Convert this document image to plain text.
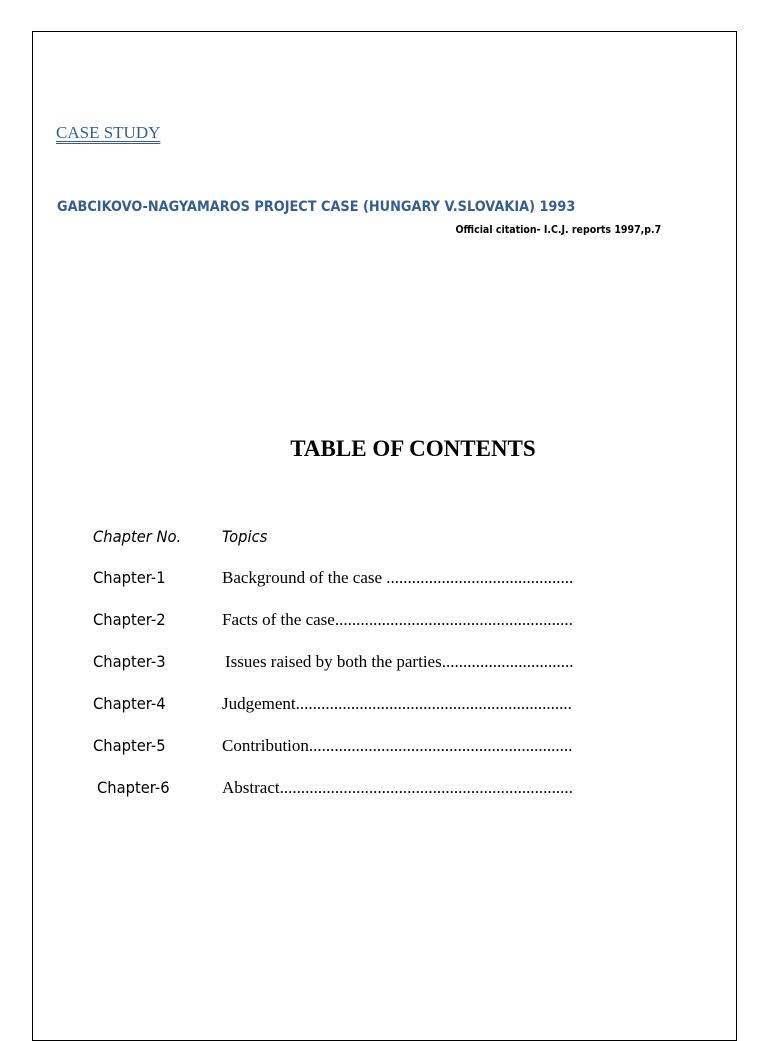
CASE STUDY
GABCIKOVO-NAGYAMAROS PROJECT CASE (HUNGARY V.SLOVAKIA) 1993
Official citation- I.C.J. reports 1997,p.7
TABLE OF CONTENTS
Chapter No.	Topics
Chapter-1	Background of the case ............................................
Chapter-2	Facts of the case........................................................
Chapter-3	Issues raised by both the parties...............................
Chapter-4	Judgement.................................................................
Chapter-5	Contribution..............................................................
Chapter-6	Abstract.....................................................................
